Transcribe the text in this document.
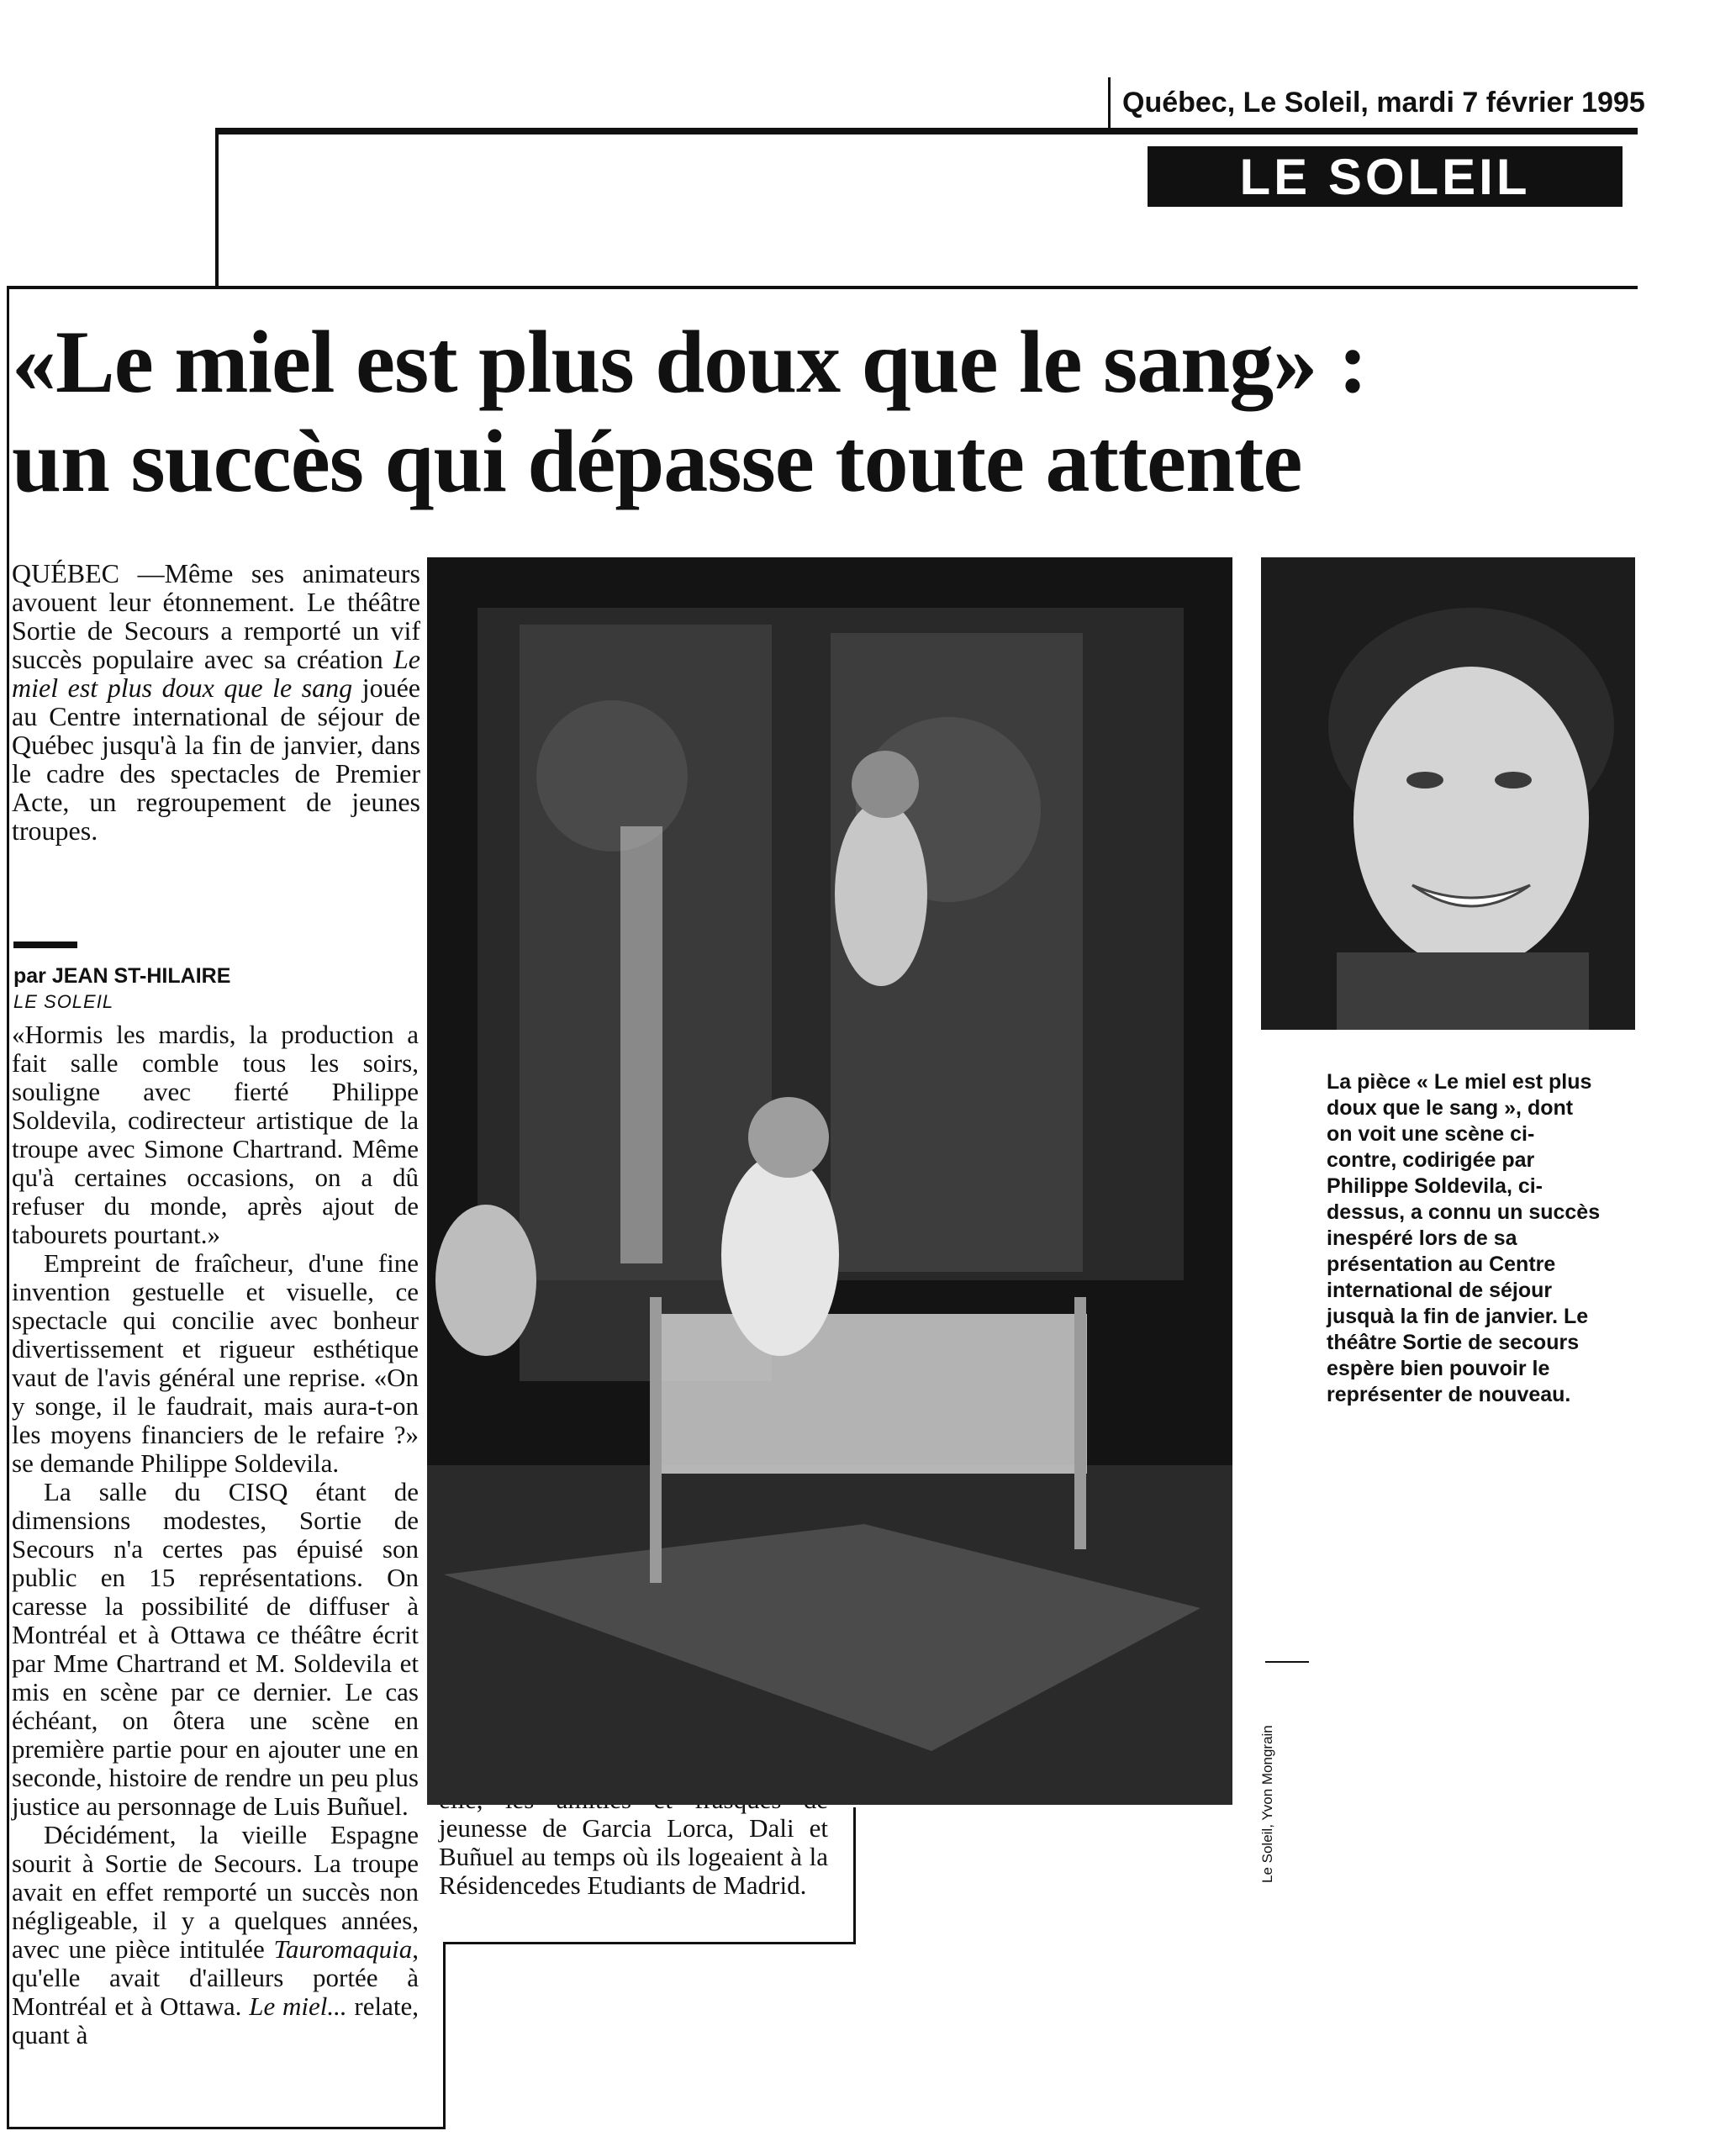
Québec, Le Soleil, mardi 7 février 1995
LE SOLEIL
«Le miel est plus doux que le sang» :
un succès qui dépasse toute attente

QUÉBEC —Même ses animateurs avouent leur étonnement. Le théâtre Sortie de Secours a remporté un vif succès populaire avec sa création Le miel est plus doux que le sang jouée au Centre international de séjour de Québec jusqu'à la fin de janvier, dans le cadre des spectacles de Premier Acte, un regroupement de jeunes troupes.

par JEAN ST-HILAIRE
LE SOLEIL

«Hormis les mardis, la production a fait salle comble tous les soirs, souligne avec fierté Philippe Soldevila, codirecteur artistique de la troupe avec Simone Chartrand. Même qu'à certaines occasions, on a dû refuser du monde, après ajout de tabourets pourtant.»

Empreint de fraîcheur, d'une fine invention gestuelle et visuelle, ce spectacle qui concilie avec bonheur divertissement et rigueur esthétique vaut de l'avis général une reprise. «On y songe, il le faudrait, mais aura-t-on les moyens financiers de le refaire ?» se demande Philippe Soldevila.

La salle du CISQ étant de dimensions modestes, Sortie de Secours n'a certes pas épuisé son public en 15 représentations. On caresse la possibilité de diffuser à Montréal et à Ottawa ce théâtre écrit par Mme Chartrand et M. Soldevila et mis en scène par ce dernier. Le cas échéant, on ôtera une scène en première partie pour en ajouter une en seconde, histoire de rendre un peu plus justice au personnage de Luis Buñuel.

Décidément, la vieille Espagne sourit à Sortie de Secours. La troupe avait en effet remporté un succès non négligeable, il y a quelques années, avec une pièce intitulée Tauromaquia, qu'elle avait d'ailleurs portée à Montréal et à Ottawa. Le miel... relate, quant à

jeunesse de Garcia Lorca, Dali et Buñuel au temps où ils logeaient à la Résidencedes Etudiants de Madrid.

Le Soleil, Yvon Mongrain
La pièce « Le miel est plus doux que le sang », dont on voit une scène ci-contre, codirigée par Philippe Soldevila, ci-dessus, a connu un succès inespéré lors de sa présentation au Centre international de séjour jusquà la fin de janvier. Le théâtre Sortie de secours espère bien pouvoir le représenter de nouveau.
